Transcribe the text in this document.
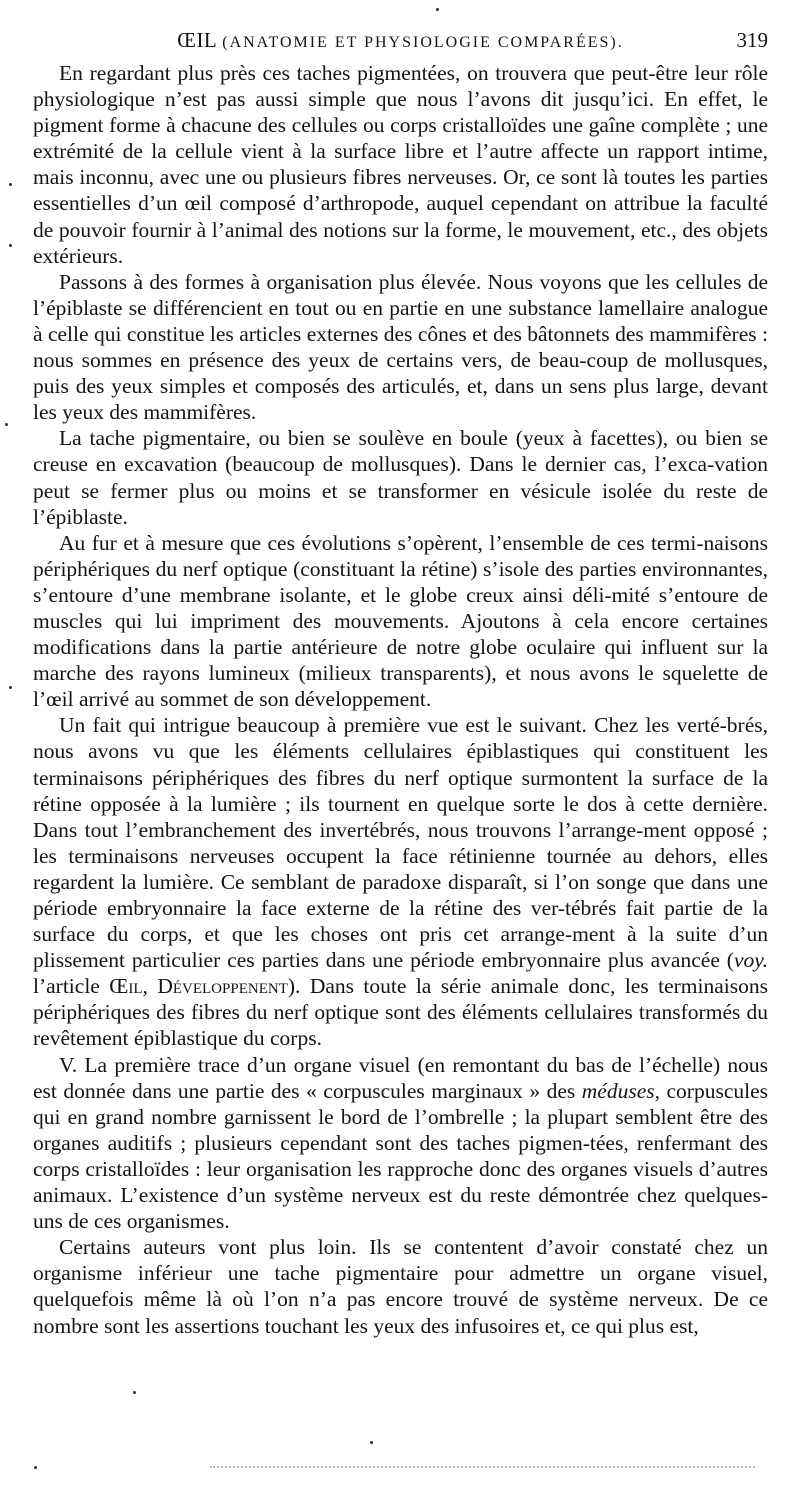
ŒIL (ANATOMIE ET PHYSIOLOGIE COMPARÉES).	319

En regardant plus près ces taches pigmentées, on trouvera que peut-être leur rôle physiologique n’est pas aussi simple que nous l’avons dit jusqu’ici. En effet, le pigment forme à chacune des cellules ou corps cristalloïdes une gaîne complète ; une extrémité de la cellule vient à la surface libre et l’autre affecte un rapport intime, mais inconnu, avec une ou plusieurs fibres nerveuses. Or, ce sont là toutes les parties essentielles d’un œil composé d’arthropode, auquel cependant on attribue la faculté de pouvoir fournir à l’animal des notions sur la forme, le mouvement, etc., des objets extérieurs.

Passons à des formes à organisation plus élevée. Nous voyons que les cellules de l’épiblaste se différencient en tout ou en partie en une substance lamellaire analogue à celle qui constitue les articles externes des cônes et des bâtonnets des mammifères : nous sommes en présence des yeux de certains vers, de beau-coup de mollusques, puis des yeux simples et composés des articulés, et, dans un sens plus large, devant les yeux des mammifères.

La tache pigmentaire, ou bien se soulève en boule (yeux à facettes), ou bien se creuse en excavation (beaucoup de mollusques). Dans le dernier cas, l’exca-vation peut se fermer plus ou moins et se transformer en vésicule isolée du reste de l’épiblaste.

Au fur et à mesure que ces évolutions s’opèrent, l’ensemble de ces termi-naisons périphériques du nerf optique (constituant la rétine) s’isole des parties environnantes, s’entoure d’une membrane isolante, et le globe creux ainsi déli-mité s’entoure de muscles qui lui impriment des mouvements. Ajoutons à cela encore certaines modifications dans la partie antérieure de notre globe oculaire qui influent sur la marche des rayons lumineux (milieux transparents), et nous avons le squelette de l’œil arrivé au sommet de son développement.

Un fait qui intrigue beaucoup à première vue est le suivant. Chez les verté-brés, nous avons vu que les éléments cellulaires épiblastiques qui constituent les terminaisons périphériques des fibres du nerf optique surmontent la surface de la rétine opposée à la lumière ; ils tournent en quelque sorte le dos à cette dernière. Dans tout l’embranchement des invertébrés, nous trouvons l’arrange-ment opposé ; les terminaisons nerveuses occupent la face rétinienne tournée au dehors, elles regardent la lumière. Ce semblant de paradoxe disparaît, si l’on songe que dans une période embryonnaire la face externe de la rétine des ver-tébrés fait partie de la surface du corps, et que les choses ont pris cet arrange-ment à la suite d’un plissement particulier ces parties dans une période embryonnaire plus avancée (voy. l’article Œil, Développenent). Dans toute la série animale donc, les terminaisons périphériques des fibres du nerf optique sont des éléments cellulaires transformés du revêtement épiblastique du corps.

V. La première trace d’un organe visuel (en remontant du bas de l’échelle) nous est donnée dans une partie des « corpuscules marginaux » des méduses, corpuscules qui en grand nombre garnissent le bord de l’ombrelle ; la plupart semblent être des organes auditifs ; plusieurs cependant sont des taches pigmen-tées, renfermant des corps cristalloïdes : leur organisation les rapproche donc des organes visuels d’autres animaux. L’existence d’un système nerveux est du reste démontrée chez quelques-uns de ces organismes.

Certains auteurs vont plus loin. Ils se contentent d’avoir constaté chez un organisme inférieur une tache pigmentaire pour admettre un organe visuel, quelquefois même là où l’on n’a pas encore trouvé de système nerveux. De ce nombre sont les assertions touchant les yeux des infusoires et, ce qui plus est,
